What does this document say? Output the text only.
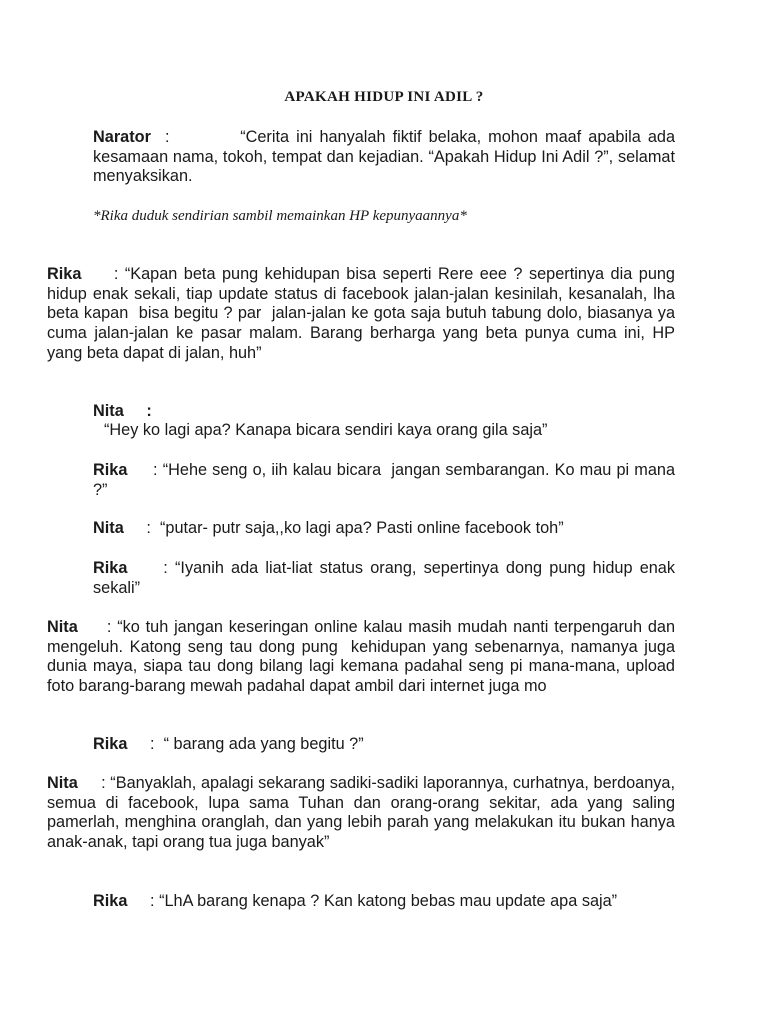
APAKAH HIDUP INI ADIL ?

Narator  :          “Cerita ini hanyalah fiktif belaka, mohon maaf apabila ada kesamaan nama, tokoh, tempat dan kejadian. “Apakah Hidup Ini Adil ?”, selamat menyaksikan.

*Rika duduk sendirian sambil memainkan HP kepunyaannya*

Rika     : “Kapan beta pung kehidupan bisa seperti Rere eee ? sepertinya dia pung hidup enak sekali, tiap update status di facebook jalan-jalan kesinilah, kesanalah, lha beta kapan  bisa begitu ? par  jalan-jalan ke gota saja butuh tabung dolo, biasanya ya cuma jalan-jalan ke pasar malam. Barang berharga yang beta punya cuma ini, HP yang beta dapat di jalan, huh”

Nita     :

“Hey ko lagi apa? Kanapa bicara sendiri kaya orang gila saja”

Rika     : “Hehe seng o, iih kalau bicara  jangan sembarangan. Ko mau pi mana ?”

Nita     :  “putar- putr saja,,ko lagi apa? Pasti online facebook toh”

Rika     : “Iyanih ada liat-liat status orang, sepertinya dong pung hidup enak  sekali”

Nita     : “ko tuh jangan keseringan online kalau masih mudah nanti terpengaruh dan mengeluh. Katong seng tau dong pung  kehidupan yang sebenarnya, namanya juga dunia maya, siapa tau dong bilang lagi kemana padahal seng pi mana-mana, upload foto barang-barang mewah padahal dapat ambil dari internet juga mo

Rika     :  “ barang ada yang begitu ?”

Nita     : “Banyaklah, apalagi sekarang sadiki-sadiki laporannya, curhatnya, berdoanya, semua di facebook, lupa sama Tuhan dan orang-orang sekitar, ada yang saling pamerlah, menghina oranglah, dan yang lebih parah yang melakukan itu bukan hanya anak-anak, tapi orang tua juga banyak”

Rika     : “LhA barang kenapa ? Kan katong bebas mau update apa saja”
